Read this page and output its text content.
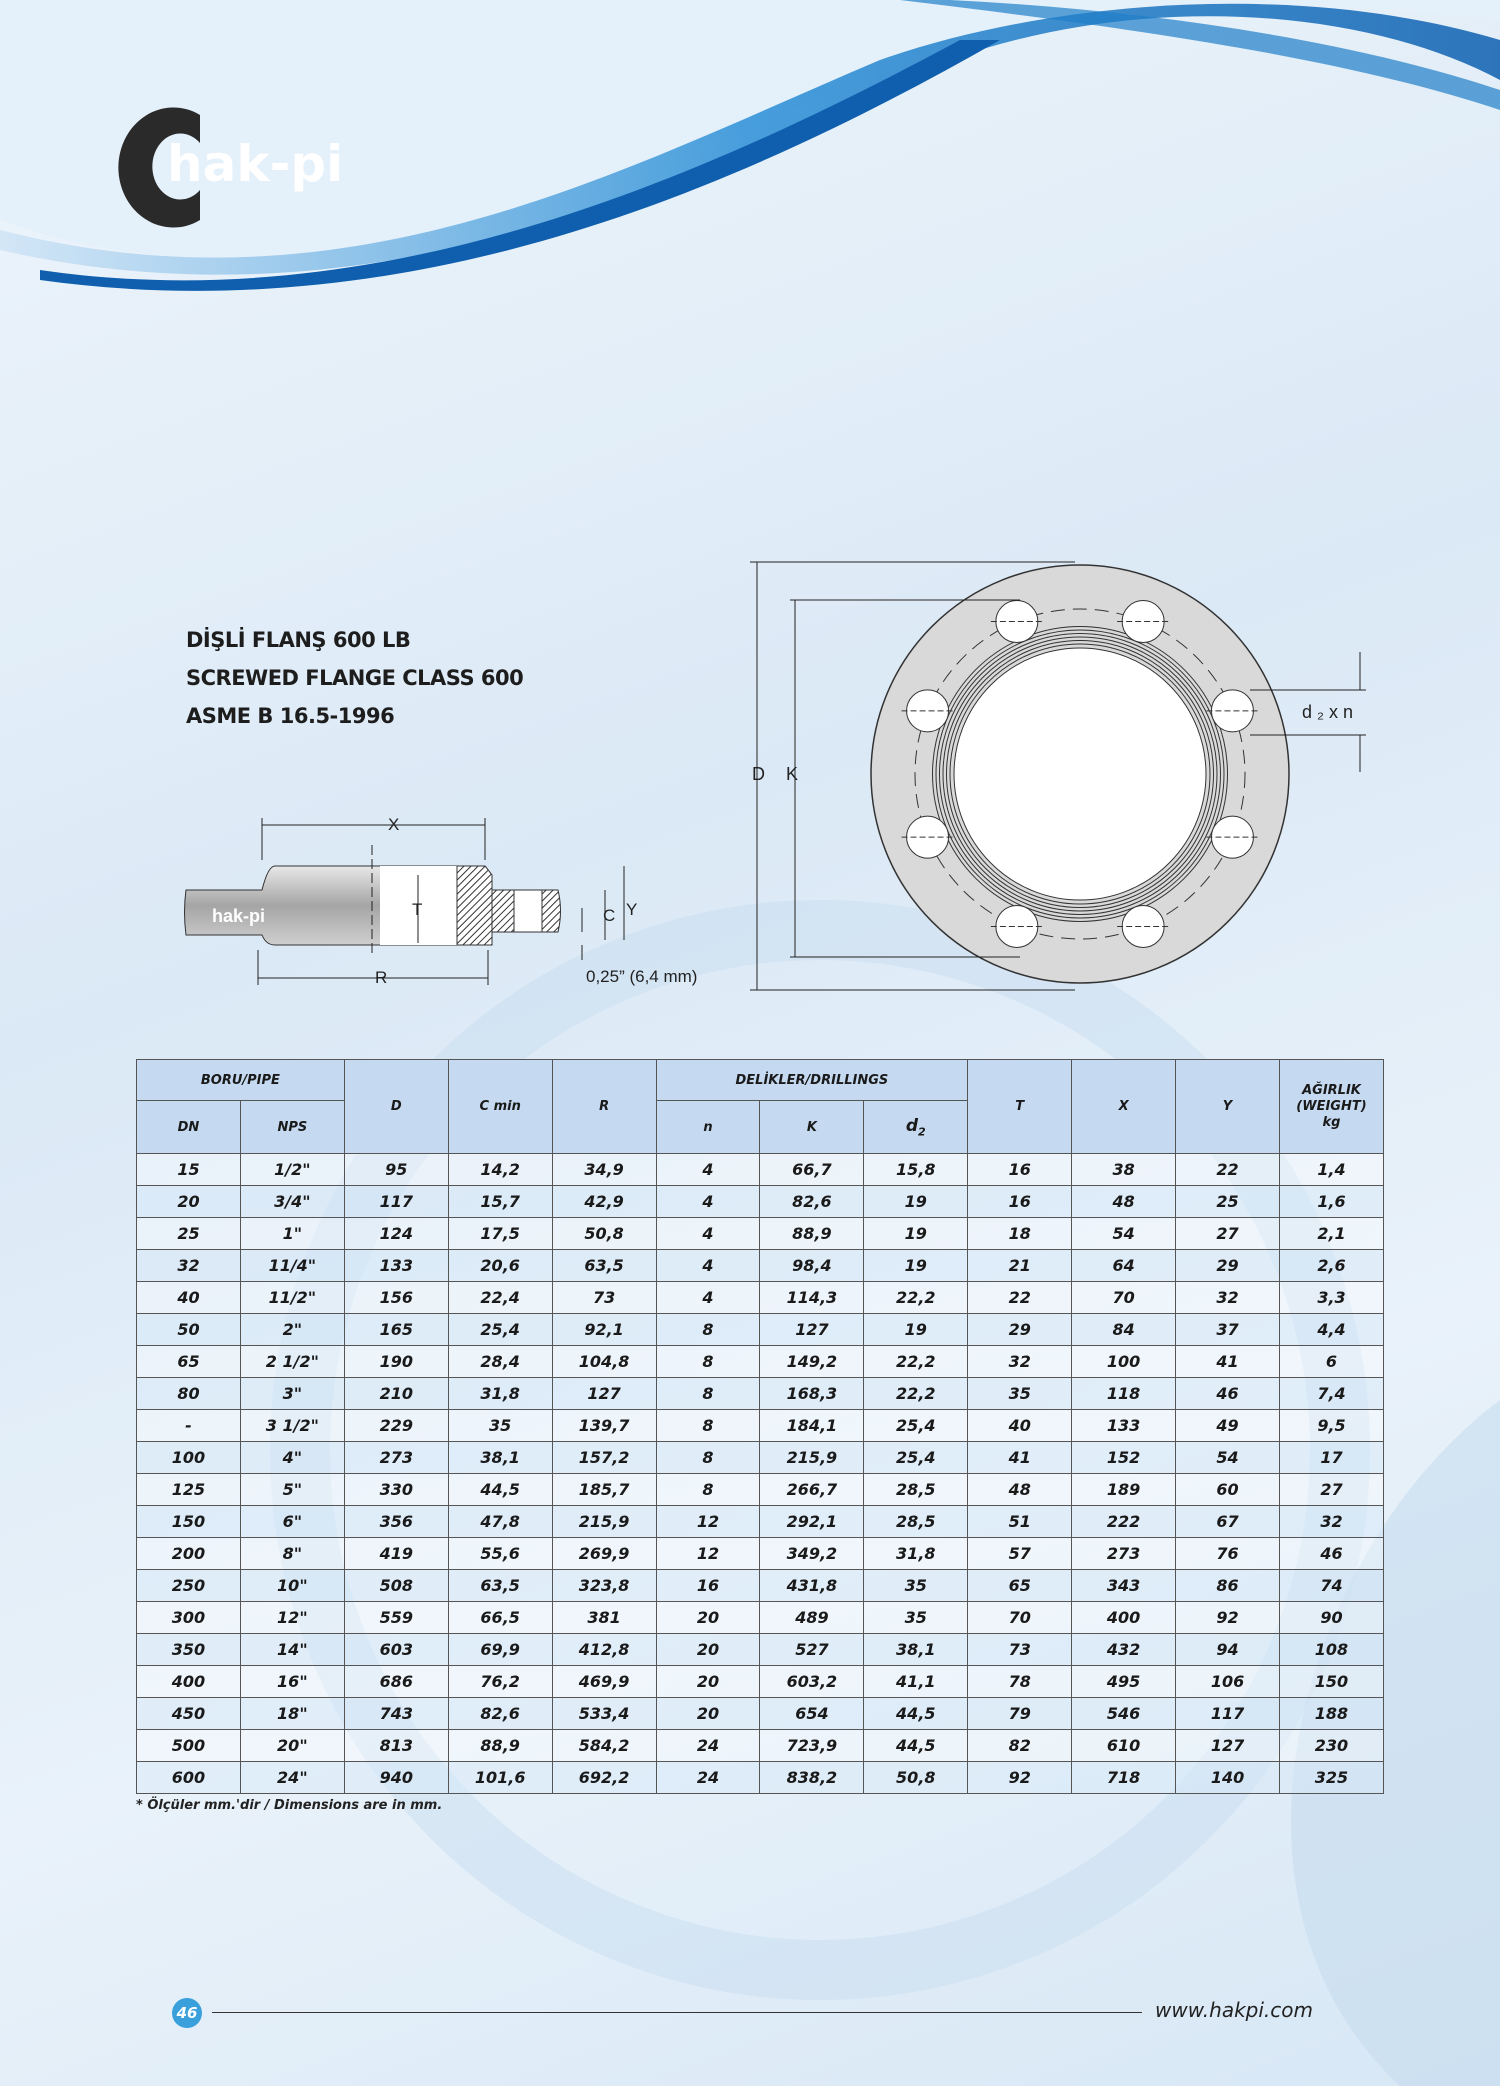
hak-pi
DİŞLİ FLANŞ 600 LB
SCREWED FLANGE CLASS 600
ASME B 16.5-1996
hak-pi
X
R
T	C Y
0,25” (6,4 mm)
D K
d ₂ x n
BORU/PIPE		D	C min	R	DELİKLER/DRILLINGS			T	X	Y	AĞIRLIK
(WEIGHT)
kg
DN	NPS				n	K	$d_2$
15	1/2"	95	14,2	34,9	4	66,7	15,8	16	38	22	1,4
20	3/4"	117	15,7	42,9	4	82,6	19	16	48	25	1,6
25	1"	124	17,5	50,8	4	88,9	19	18	54	27	2,1
32	11/4"	133	20,6	63,5	4	98,4	19	21	64	29	2,6
40	11/2"	156	22,4	73	4	114,3	22,2	22	70	32	3,3
50	2"	165	25,4	92,1	8	127	19	29	84	37	4,4
65	2 1/2"	190	28,4	104,8	8	149,2	22,2	32	100	41	6
80	3"	210	31,8	127	8	168,3	22,2	35	118	46	7,4
-	3 1/2"	229	35	139,7	8	184,1	25,4	40	133	49	9,5
100	4"	273	38,1	157,2	8	215,9	25,4	41	152	54	17
125	5"	330	44,5	185,7	8	266,7	28,5	48	189	60	27
150	6"	356	47,8	215,9	12	292,1	28,5	51	222	67	32
200	8"	419	55,6	269,9	12	349,2	31,8	57	273	76	46
250	10"	508	63,5	323,8	16	431,8	35	65	343	86	74
300	12"	559	66,5	381	20	489	35	70	400	92	90
350	14"	603	69,9	412,8	20	527	38,1	73	432	94	108
400	16"	686	76,2	469,9	20	603,2	41,1	78	495	106	150
450	18"	743	82,6	533,4	20	654	44,5	79	546	117	188
500	20"	813	88,9	584,2	24	723,9	44,5	82	610	127	230
600	24"	940	101,6	692,2	24	838,2	50,8	92	718	140	325
* Ölçüler mm.'dir / Dimensions are in mm.
46	www.hakpi.com
